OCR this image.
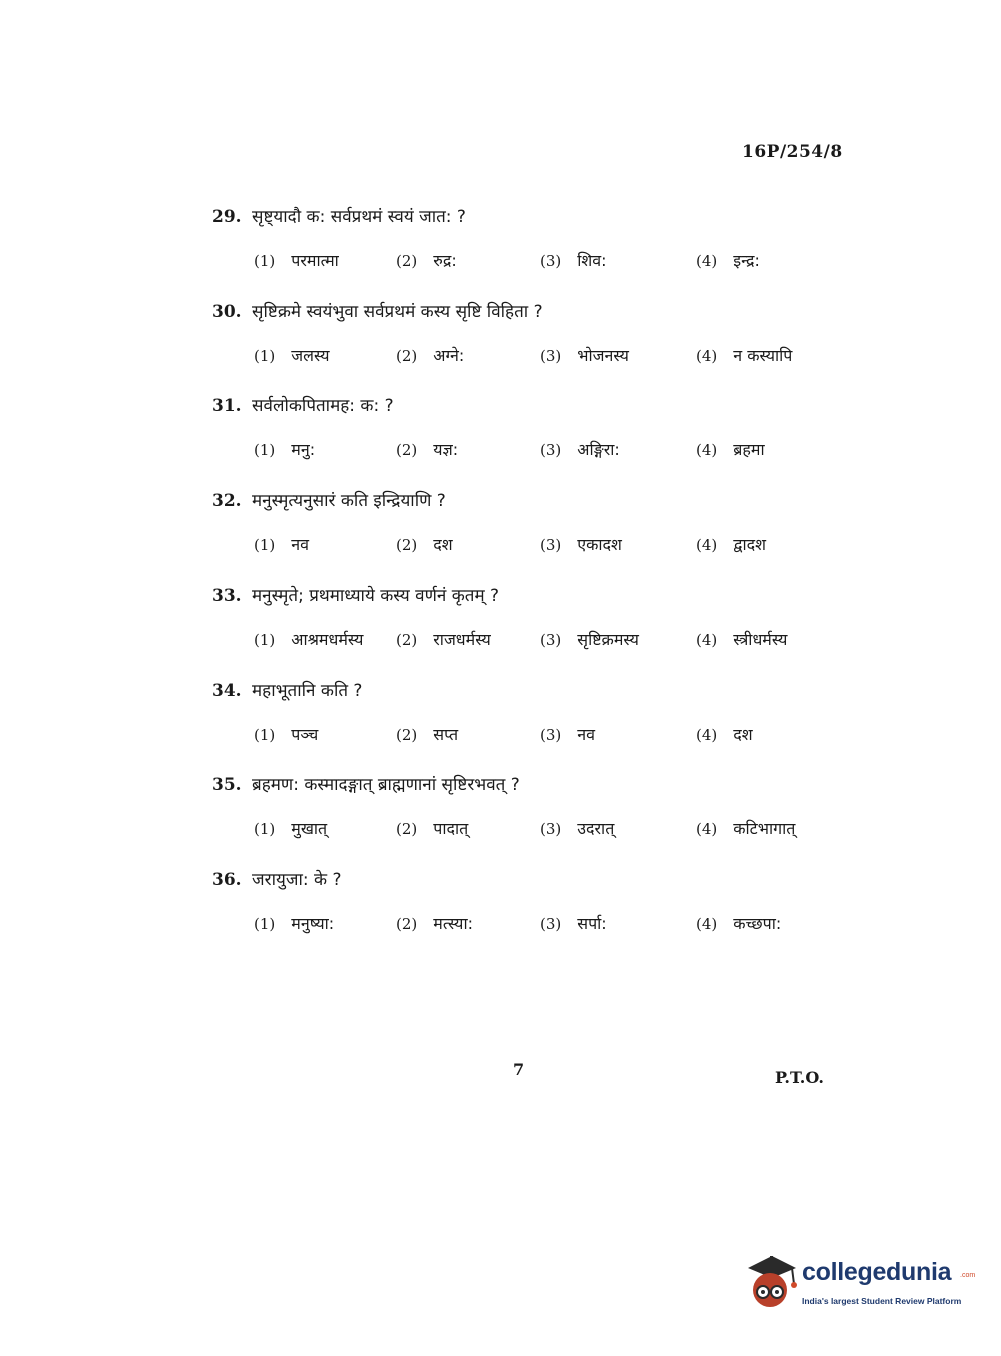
16P/254/8
29. सृष्ट्यादौ क: सर्वप्रथमं स्वयं जात: ?
(1) परमात्मा	(2) रुद्र:	(3) शिव:	(4) इन्द्र:
30. सृष्टिक्रमे स्वयंभुवा सर्वप्रथमं कस्य सृष्टि विहिता ?
(1) जलस्य	(2) अग्ने:	(3) भोजनस्य	(4) न कस्यापि
31. सर्वलोकपितामह: क: ?
(1) मनु:	(2) यज्ञ:	(3) अङ्गिरा:	(4) ब्रहमा
32. मनुस्मृत्यनुसारं कति इन्द्रियाणि ?
(1) नव	(2) दश	(3) एकादश	(4) द्वादश
33. मनुस्मृते; प्रथमाध्याये कस्य वर्णनं कृतम् ?
(1) आश्रमधर्मस्य (2) राजधर्मस्य	(3) सृष्टिक्रमस्य	(4) स्त्रीधर्मस्य
34. महाभूतानि कति ?
(1) पञ्च	(2) सप्त	(3) नव	(4) दश
35. ब्रहमण: कस्मादङ्गात् ब्राह्मणानां सृष्टिरभवत् ?
(1) मुखात्	(2) पादात्	(3) उदरात्	(4) कटिभागात्
36. जरायुजा: के ?
(1) मनुष्या:	(2) मत्स्या:	(3) सर्पा:	(4) कच्छपा:
7	P.T.O.
collegedunia .com
India's largest Student Review Platform
